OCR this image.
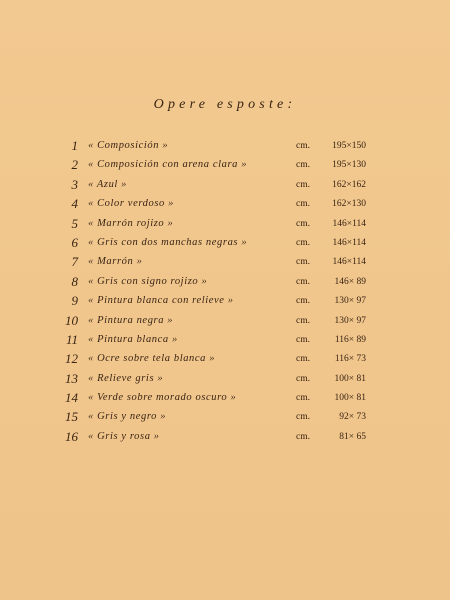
Opere esposte:
1 « Composición »	cm. 195×150
2 « Composición con arena clara »	cm. 195×130
3 « Azul »	cm. 162×162
4 « Color verdoso »	cm. 162×130
5 « Marrón rojizo »	cm. 146×114
6 « Gris con dos manchas negras »	cm. 146×114
7 « Marrón »	cm. 146×114
8 « Gris con signo rojizo »	cm.	146× 89
9 « Pintura blanca con relieve »	cm.	130× 97
10 « Pintura negra »	cm.	130× 97
11 « Pintura blanca »	cm.	116× 89
12 « Ocre sobre tela blanca »	cm.	116× 73
13 « Relieve gris »	cm.	100× 81
14 « Verde sobre morado oscuro »	cm.	100× 81
15 « Gris y negro »	cm.	92× 73
16 « Gris y rosa »	cm.	81× 65
